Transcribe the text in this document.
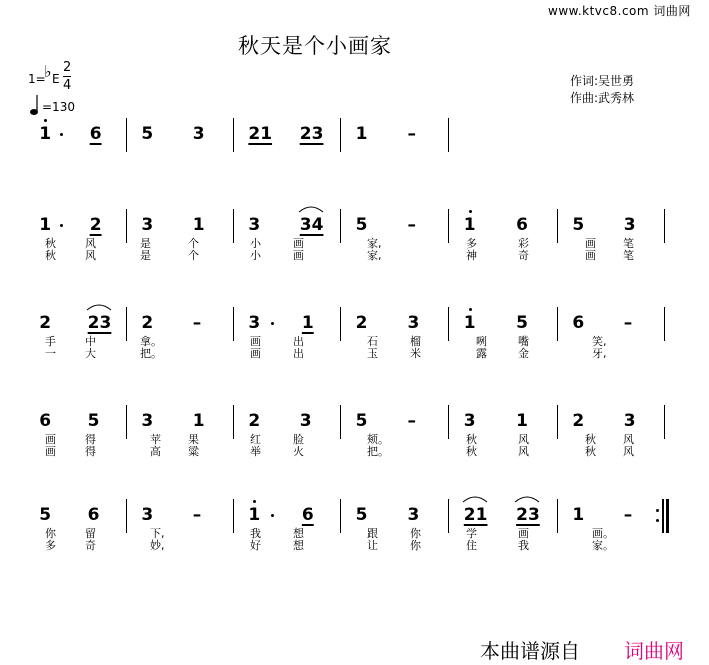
www.ktvc8.com 词曲网
秋天是个小画家
作词:吴世勇
作曲:武秀林
1=
♭ E
2
4
=130
1 6 5 3	21 23 1 –
1 2 3 1	3 34 5 –	1 6	5 3
秋	风	是	个	小	画	家,	多	彩	画 笔
秋	风	是	个	小	画	家,	神	奇	画 笔
2 23 2 –	3 1 2 3	1 5	6 –
手	中	拿。	画	出	石	榴	咧	嘴	笑,
一	大	把。	画	出	玉	米	露	金	牙,
6 5 3 1	2 3	5 –	3 1	2 3
画	得	苹 果	红	脸	颊。	秋	风	秋 风
画	得	高 粱	举	火	把。	秋	风	秋 风
5 6 3 –	1 6 5 3	21 23 1 –
你	留	下,	我	想	跟	你	学	画	画。
多	奇	妙,	好	想	让	你	住	我	家。
本曲谱源自 词曲网
